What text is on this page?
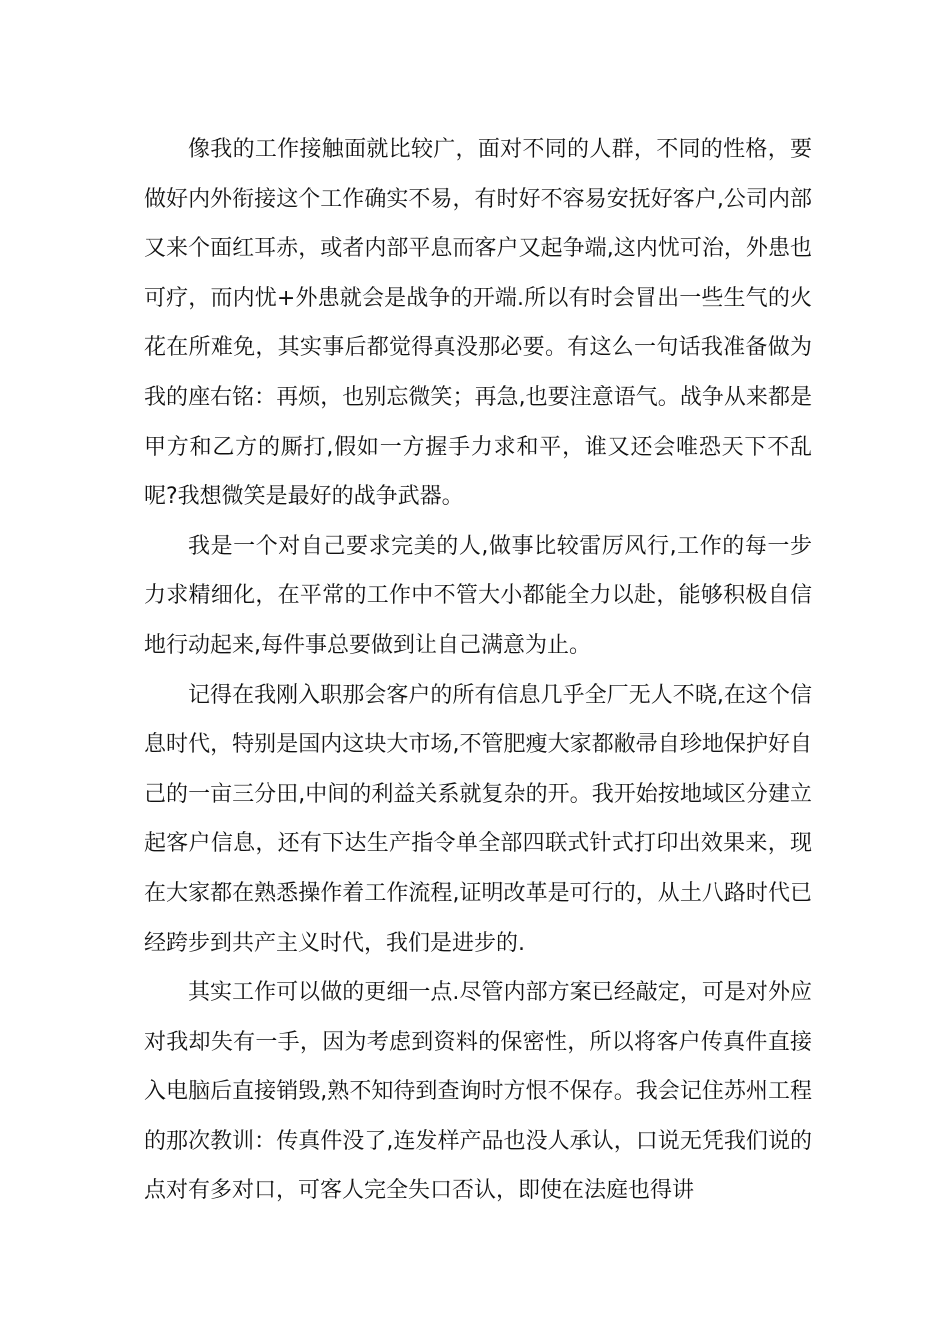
像我的工作接触面就比较广，面对不同的人群，不同的性格，要做好内外衔接这个工作确实不易，有时好不容易安抚好客户,公司内部又来个面红耳赤，或者内部平息而客户又起争端,这内忧可治，外患也可疗，而内忧+外患就会是战争的开端.所以有时会冒出一些生气的火花在所难免，其实事后都觉得真没那必要。有这么一句话我准备做为我的座右铭：再烦，也别忘微笑；再急,也要注意语气。战争从来都是甲方和乙方的厮打,假如一方握手力求和平，谁又还会唯恐天下不乱呢?我想微笑是最好的战争武器。

我是一个对自己要求完美的人,做事比较雷厉风行,工作的每一步力求精细化，在平常的工作中不管大小都能全力以赴，能够积极自信地行动起来,每件事总要做到让自己满意为止。

记得在我刚入职那会客户的所有信息几乎全厂无人不晓,在这个信息时代，特别是国内这块大市场,不管肥瘦大家都敝帚自珍地保护好自己的一亩三分田,中间的利益关系就复杂的开。我开始按地域区分建立起客户信息，还有下达生产指令单全部四联式针式打印出效果来，现在大家都在熟悉操作着工作流程,证明改革是可行的，从土八路时代已经跨步到共产主义时代，我们是进步的.

其实工作可以做的更细一点.尽管内部方案已经敲定，可是对外应对我却失有一手，因为考虑到资料的保密性，所以将客户传真件直接入电脑后直接销毁,熟不知待到查询时方恨不保存。我会记住苏州工程的那次教训：传真件没了,连发样产品也没人承认，口说无凭我们说的点对有多对口，可客人完全失口否认，即使在法庭也得讲
